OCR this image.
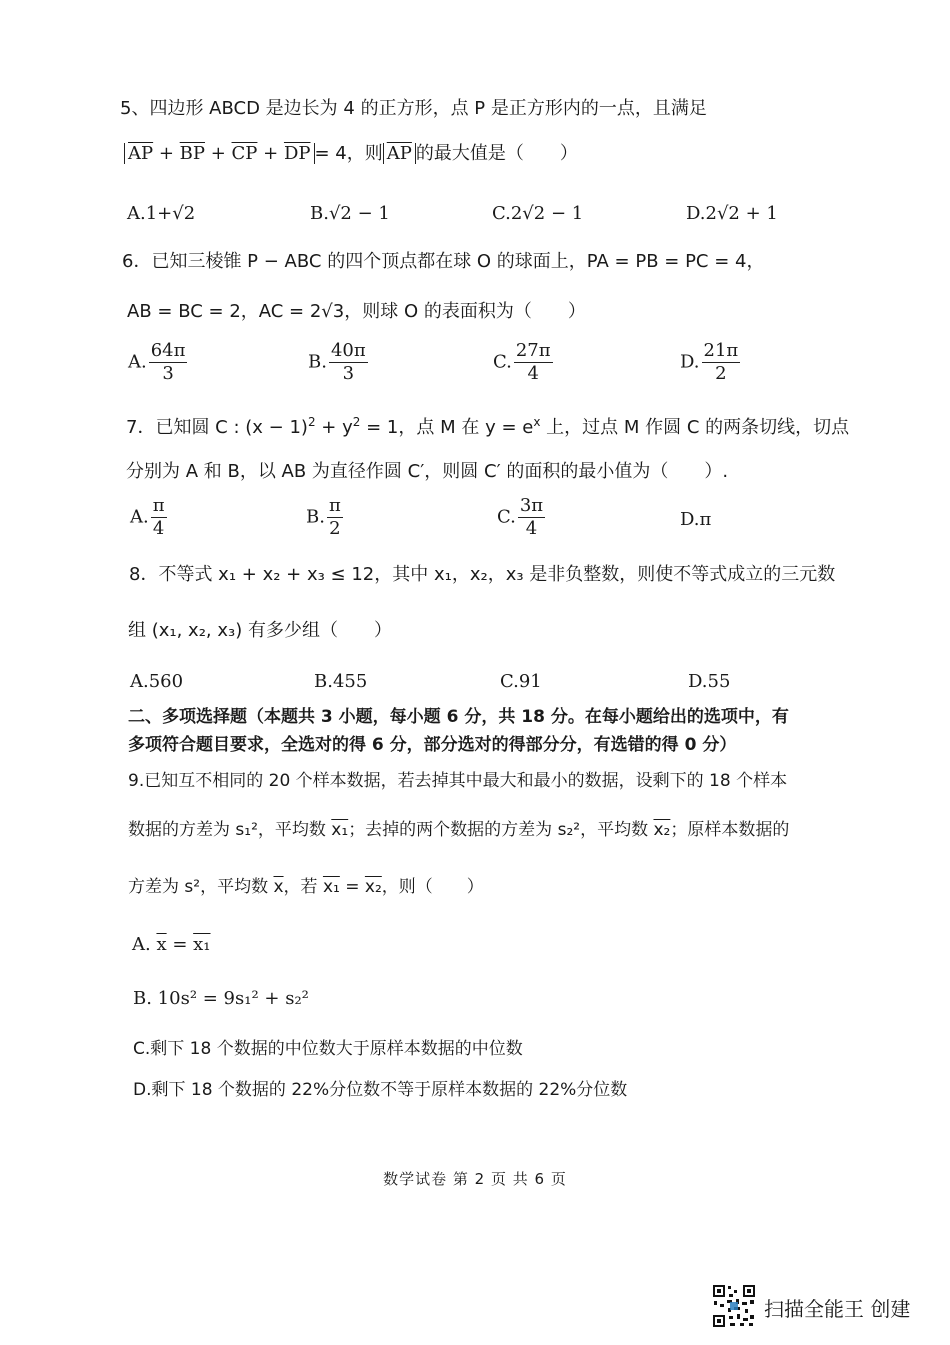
5、四边形 ABCD 是边长为 4 的正方形，点 P 是正方形内的一点，且满足
$\overline{AP} + \overline{BP} + \overline{CP} + \overline{DP} = 4$，则 $\overline{AP}$ 的最大值是（　　）
A.1+√2	B.√2 − 1	C.2√2 − 1	D.2√2 + 1
6．已知三棱锥 P − ABC 的四个顶点都在球 O 的球面上，PA = PB = PC = 4，
AB = BC = 2，AC = 2√3，则球 O 的表面积为（　　）
A. $\frac{64\pi}{3}$	B. $\frac{40\pi}{3}$	C. $\frac{27\pi}{4}$	D. $\frac{21\pi}{2}$
7．已知圆 C : $(x - 1)^2 + y^2 = 1$，点 M 在 $y = e^x$ 上，过点 M 作圆 C 的两条切线，切点
分别为 A 和 B，以 AB 为直径作圆 C′，则圆 C′ 的面积的最小值为（　　）.
A. $\frac{\pi}{4}$	B. $\frac{\pi}{2}$	C. $\frac{3\pi}{4}$	D.π
8．不等式 x₁ + x₂ + x₃ ≤ 12，其中 x₁，x₂，x₃ 是非负整数，则使不等式成立的三元数
组 (x₁, x₂, x₃) 有多少组（　　）
A.560	B.455	C.91	D.55
二、多项选择题（本题共 3 小题，每小题 6 分，共 18 分。在每小题给出的选项中，有
多项符合题目要求，全选对的得 6 分，部分选对的得部分分，有选错的得 0 分）
9.已知互不相同的 20 个样本数据，若去掉其中最大和最小的数据，设剩下的 18 个样本
数据的方差为 s₁²，平均数 x₁；去掉的两个数据的方差为 s₂²，平均数 x₂；原样本数据的
方差为 s²，平均数 $\overline{x}$，若 x₁ = x₂，则（　　）
A. $\overline{x} = x_1$
B. 10s² = 9s₁² + s₂²
C.剩下 18 个数据的中位数大于原样本数据的中位数
D.剩下 18 个数据的 22%分位数不等于原样本数据的 22%分位数
数学试卷 第 2 页 共 6 页
扫描全能王 创建
